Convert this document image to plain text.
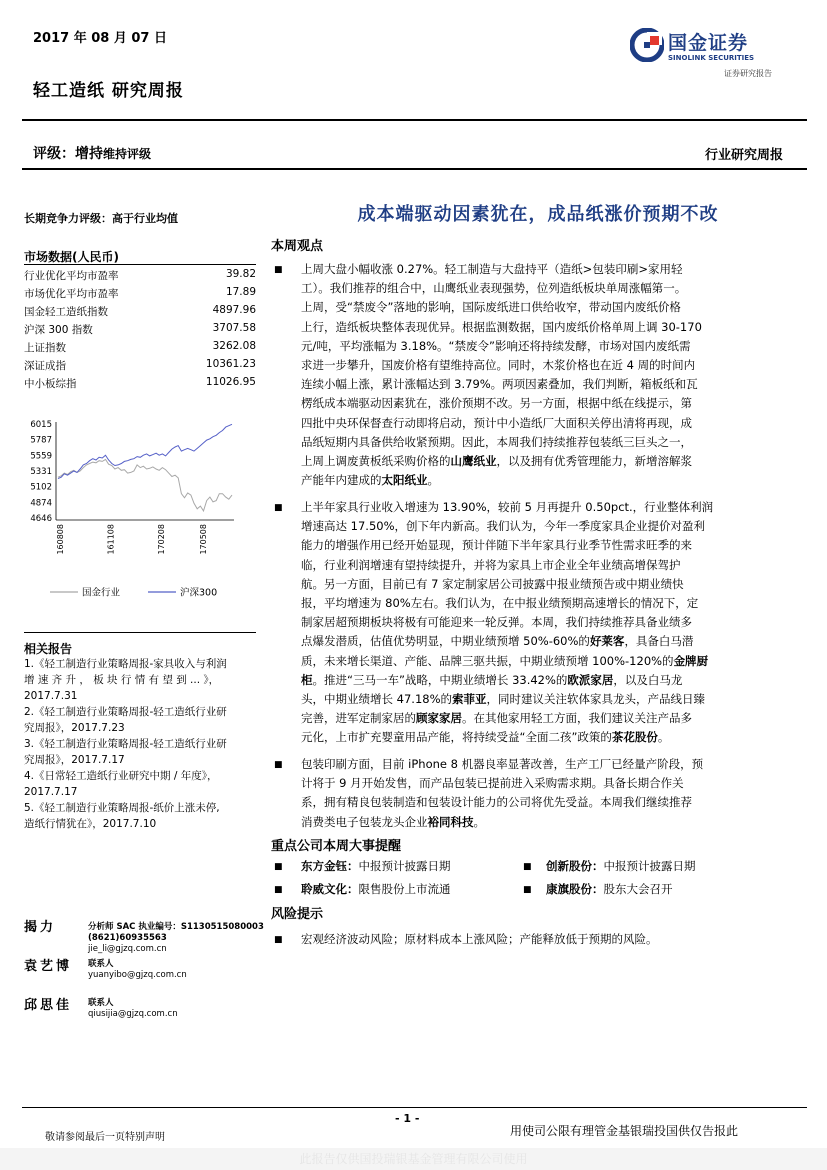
2017 年 08 月 07 日
轻工造纸 研究周报
评级：增持维持评级	行业研究周报
国金证券
SINOLINK SECURITIES
证券研究报告
长期竞争力评级：高于行业均值
市场数据(人民币)
行业优化平均市盈率	39.82
市场优化平均市盈率	17.89
国金轻工造纸指数	4897.96
沪深 300 指数	3707.58
上证指数	3262.08
深证成指	10361.23
中小板综指	11026.95
6015
5787
5559
5331
5102
4874
4646
160808	161108	170208	170508
国金行业	沪深300
相关报告
1.《轻工制造行业策略周报-家具收入与利润
增 速 齐 升 ， 板 块 行 情 有 望 到 ... 》，
2017.7.31
2.《轻工制造行业策略周报-轻工造纸行业研
究周报》，2017.7.23
3.《轻工制造行业策略周报-轻工造纸行业研
究周报》，2017.7.17
4.《日常轻工造纸行业研究中期 / 年度》，
2017.7.17
5.《轻工制造行业策略周报-纸价上涨未停,
造纸行情犹在》，2017.7.10
揭力	分析师 SAC 执业编号：S1130515080003
(8621)60935563
jie_li@gjzq.com.cn
袁艺博 联系人
yuanyibo@gjzq.com.cn
邱思佳 联系人
qiusijia@gjzq.com.cn
成本端驱动因素犹在，成品纸涨价预期不改
本周观点
■ 上周大盘小幅收涨 0.27%。轻工制造与大盘持平（造纸>包装印刷>家用轻
工）。我们推荐的组合中，山鹰纸业表现强势，位列造纸板块单周涨幅第一。
上周，受“禁废令”落地的影响，国际废纸进口供给收窄，带动国内废纸价格
上行，造纸板块整体表现优异。根据监测数据，国内废纸价格单周上调 30-170
元/吨，平均涨幅为 3.18%。“禁废令”影响还将持续发酵，市场对国内废纸需
求进一步攀升，国废价格有望维持高位。同时，木浆价格也在近 4 周的时间内
连续小幅上涨，累计涨幅达到 3.79%。两项因素叠加，我们判断，箱板纸和瓦
楞纸成本端驱动因素犹在，涨价预期不改。另一方面，根据中纸在线提示，第
四批中央环保督查行动即将启动，预计中小造纸厂大面积关停出清将再现，成
品纸短期内具备供给收紧预期。因此，本周我们持续推荐包装纸三巨头之一，
上周上调废黄板纸采购价格的山鹰纸业，以及拥有优秀管理能力，新增溶解浆
产能年内建成的太阳纸业。
■ 上半年家具行业收入增速为 13.90%，较前 5 月再提升 0.50pct.，行业整体利润
增速高达 17.50%，创下年内新高。我们认为，今年一季度家具企业提价对盈利
能力的增强作用已经开始显现，预计伴随下半年家具行业季节性需求旺季的来
临，行业利润增速有望持续提升，并将为家具上市企业全年业绩高增保驾护
航。另一方面，目前已有 7 家定制家居公司披露中报业绩预告或中期业绩快
报，平均增速为 80%左右。我们认为，在中报业绩预期高速增长的情况下，定
制家居超预期板块将极有可能迎来一轮反弹。本周，我们持续推荐具备业绩多
点爆发潜质，估值优势明显，中期业绩预增 50%-60%的好莱客，具备白马潜
质，未来增长渠道、产能、品牌三驱共振，中期业绩预增 100%-120%的金牌厨
柜。推进“三马一车”战略，中期业绩增长 33.42%的欧派家居，以及白马龙
头，中期业绩增长 47.18%的索菲亚，同时建议关注软体家具龙头，产品线日臻
完善，进军定制家居的顾家家居。在其他家用轻工方面，我们建议关注产品多
元化，上市扩充婴童用品产能，将持续受益“全面二孩”政策的茶花股份。
■ 包装印刷方面，目前 iPhone 8 机器良率显著改善，生产工厂已经量产阶段，预
计将于 9 月开始发售，而产品包装已提前进入采购需求期。具备长期合作关
系，拥有精良包装制造和包装设计能力的公司将优先受益。本周我们继续推荐
消费类电子包装龙头企业裕同科技。
重点公司本周大事提醒
■ 东方金钰：中报预计披露日期	■ 创新股份：中报预计披露日期
■ 聆威文化：限售股份上市流通	■ 康旗股份：股东大会召开
风险提示
■ 宏观经济波动风险；原材料成本上涨风险；产能释放低于预期的风险。
- 1 -
敬请参阅最后一页特别声明	用使司公限有理管金基银瑞投国供仅告报此
此报告仅供国投瑞银基金管理有限公司使用
